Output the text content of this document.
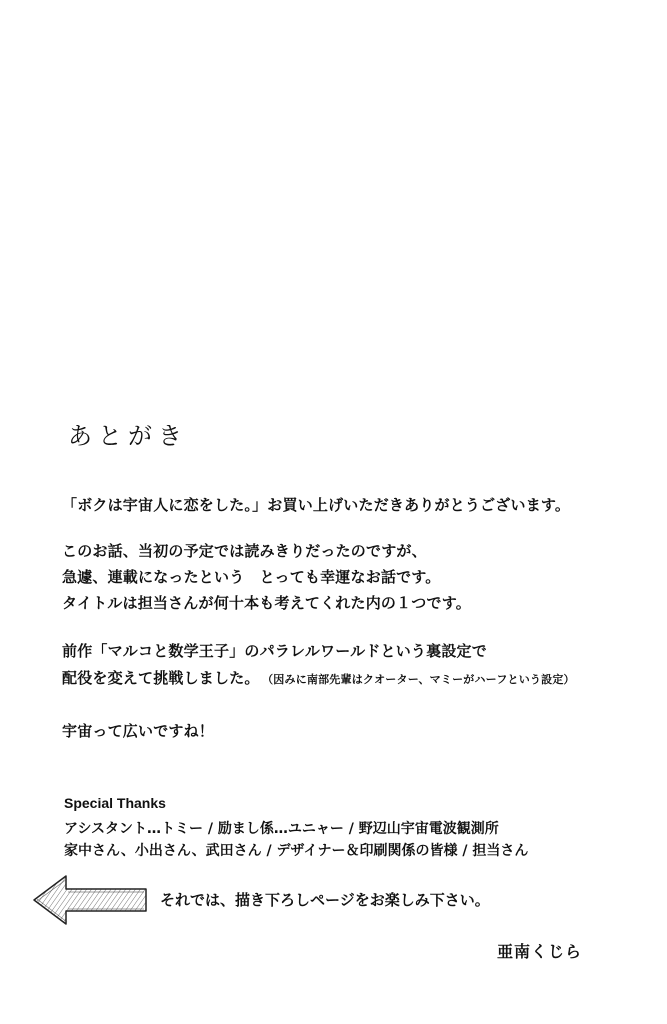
あとがき
「ボクは宇宙人に恋をした。」お買い上げいただきありがとうございます。
このお話、当初の予定では読みきりだったのですが、
急遽、連載になったという　とっても幸運なお話です。
タイトルは担当さんが何十本も考えてくれた内の１つです。
前作「マルコと数学王子」のパラレルワールドという裏設定で
配役を変えて挑戦しました。 （因みに南部先輩はクオーター、マミーがハーフという設定）
宇宙って広いですね！
Special Thanks
アシスタント…トミー / 励まし係…ユニャー / 野辺山宇宙電波観測所
家中さん、小出さん、武田さん / デザイナー＆印刷関係の皆様 / 担当さん
それでは、描き下ろしページをお楽しみ下さい。
亜南くじら
